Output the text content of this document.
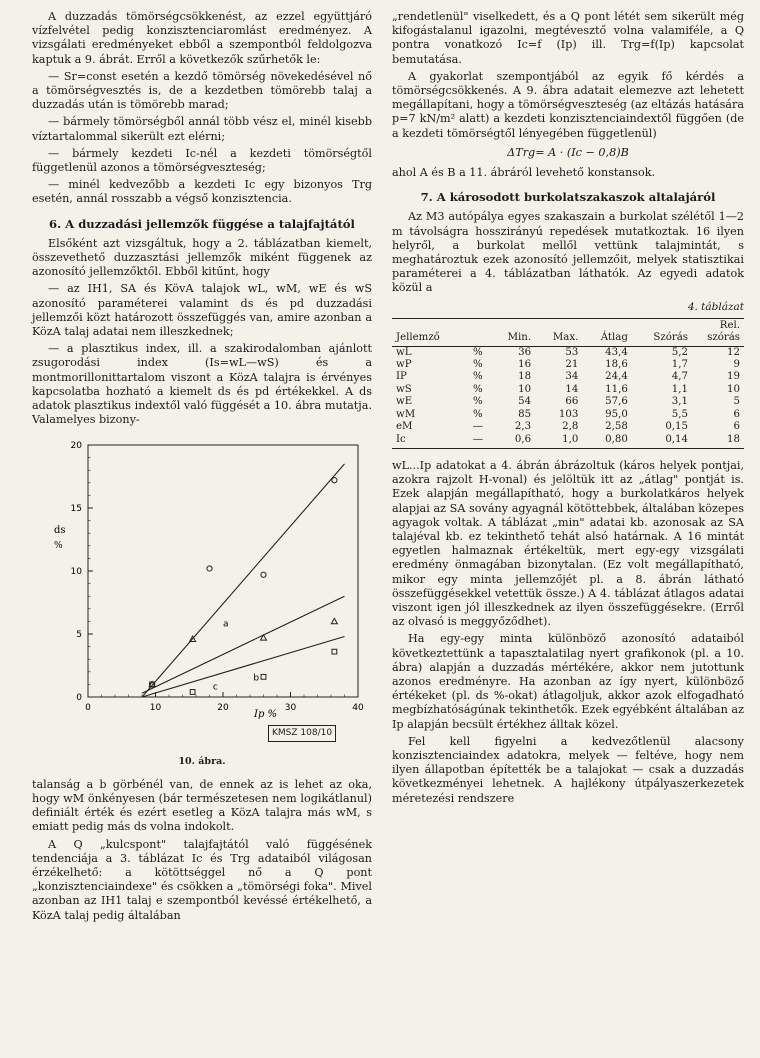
A duzzadás tömörségcsökkenést, az ezzel együttjáró vízfelvétel pedig konzisztenciaromlást eredményez. A vizsgálati eredményeket ebből a szempontból feldolgozva kaptuk a 9. ábrát. Erről a következők szűrhetők le:

— Sr=const esetén a kezdő tömörség növekedésével nő a tömörségvesztés is, de a kezdetben tömörebb talaj a duzzadás után is tömörebb marad;

— bármely tömörségből annál több vész el, minél kisebb víztartalommal sikerült ezt elérni;

— bármely kezdeti Ic-nél a kezdeti tömörségtől függetlenül azonos a tömörségveszteség;

— minél kedvezőbb a kezdeti Ic egy bizonyos Trg esetén, annál rosszabb a végső konzisztencia.

6. A duzzadási jellemzők függése a talajfajtától

Elsőként azt vizsgáltuk, hogy a 2. táblázatban kiemelt, összevethető duzzasztási jellemzők miként függenek az azonosító jellemzőktől. Ebből kitűnt, hogy

— az IH1, SA és KövA talajok wL, wM, wE és wS azonosító paraméterei valamint ds és pd duzzadási jellemzői közt határozott összefüggés van, amire azonban a KözA talaj adatai nem illeszkednek;

— a plasztikus index, ill. a szakirodalomban ajánlott zsugorodási index (Is=wL—wS) és a montmorillonittartalom viszont a KözA talajra is érvényes kapcsolatba hozható a kiemelt ds és pd értékekkel. A ds adatok plasztikus indextől való függését a 10. ábra mutatja. Valamelyes bizony-

0
5
10
15
20
0	10	20	30	40
a
b
c
ds
%
Ip %
KMSZ 108/10
10. ábra.

talanság a b görbénél van, de ennek az is lehet az oka, hogy wM önkényesen (bár természetesen nem logikátlanul) definiált érték és ezért esetleg a KözA talajra más wM, s emiatt pedig más ds volna indokolt.

A Q „kulcspont" talajfajtától való függésének tendenciája a 3. táblázat Ic és Trg adataiból világosan érzékelhető: a kötöttséggel nő a Q pont „konzisztenciaindexe" és csökken a „tömörségi foka". Mivel azonban az IH1 talaj e szempontból kevéssé értékelhető, a KözA talaj pedig általában

„rendetlenül" viselkedett, és a Q pont létét sem sikerült még kifogástalanul igazolni, megtévesztő volna valamiféle, a Q pontra vonatkozó Ic=f (Ip) ill. Trg=f(Ip) kapcsolat bemutatása.

A gyakorlat szempontjából az egyik fő kérdés a tömörségcsökkenés. A 9. ábra adatait elemezve azt lehetett megállapítani, hogy a tömörségveszteség (az eltázás hatására p=7 kN/m² alatt) a kezdeti konzisztenciaindextől függően (de a kezdeti tömörségtől lényegében függetlenül)

ΔTrg= A · (Ic − 0,8)B

ahol A és B a 11. ábráról levehető konstansok.

7. A károsodott burkolatszakaszok altalajáról

Az M3 autópálya egyes szakaszain a burkolat szélétől 1—2 m távolságra hosszirányú repedések mutatkoztak. 16 ilyen helyről, a burkolat mellől vettünk talajmintát, s meghatároztuk ezek azonosító jellemzőit, melyek statisztikai paraméterei a 4. táblázatban láthatók. Az egyedi adatok közül a

4. táblázat
Jellemző		Min.	Max.	Átlag	Szórás	Rel. szórás
wL	%	36	53	43,4	5,2	12
wP	%	16	21	18,6	1,7	9
IP	%	18	34	24,4	4,7	19
wS	%	10	14	11,6	1,1	10
wE	%	54	66	57,6	3,1	5
wM	%	85	103	95,0	5,5	6
eM	—	2,3	2,8	2,58	0,15	6
Ic	—	0,6	1,0	0,80	0,14	18

wL...Ip adatokat a 4. ábrán ábrázoltuk (káros helyek pontjai, azokra rajzolt H-vonal) és jelöltük itt az „átlag" pontját is. Ezek alapján megállapítható, hogy a burkolatkáros helyek alapjai az SA sovány agyagnál kötöttebbek, általában közepes agyagok voltak. A táblázat „min" adatai kb. azonosak az SA talajéval kb. ez tekinthető tehát alsó határnak. A 16 mintát egyetlen halmaznak értékeltük, mert egy-egy vizsgálati eredmény önmagában bizonytalan. (Ez volt megállapítható, mikor egy minta jellemzőjét pl. a 8. ábrán látható összefüggésekkel vetettük össze.) A 4. táblázat átlagos adatai viszont igen jól illeszkednek az ilyen összefüggésekre. (Erről az olvasó is meggyőződhet).

Ha egy-egy minta különböző azonosító adataiból következtettünk a tapasztalatilag nyert grafikonok (pl. a 10. ábra) alapján a duzzadás mértékére, akkor nem jutottunk azonos eredményre. Ha azonban az így nyert, különböző értékeket (pl. ds %-okat) átlagoljuk, akkor azok elfogadható megbízhatóságúnak tekinthetők. Ezek egyébként általában az Ip alapján becsült értékhez álltak közel.

Fel kell figyelni a kedvezőtlenül alacsony konzisztenciaindex adatokra, melyek — feltéve, hogy nem ilyen állapotban építették be a talajokat — csak a duzzadás következményei lehetnek. A hajlékony útpályaszerkezetek méretezési rendszere
